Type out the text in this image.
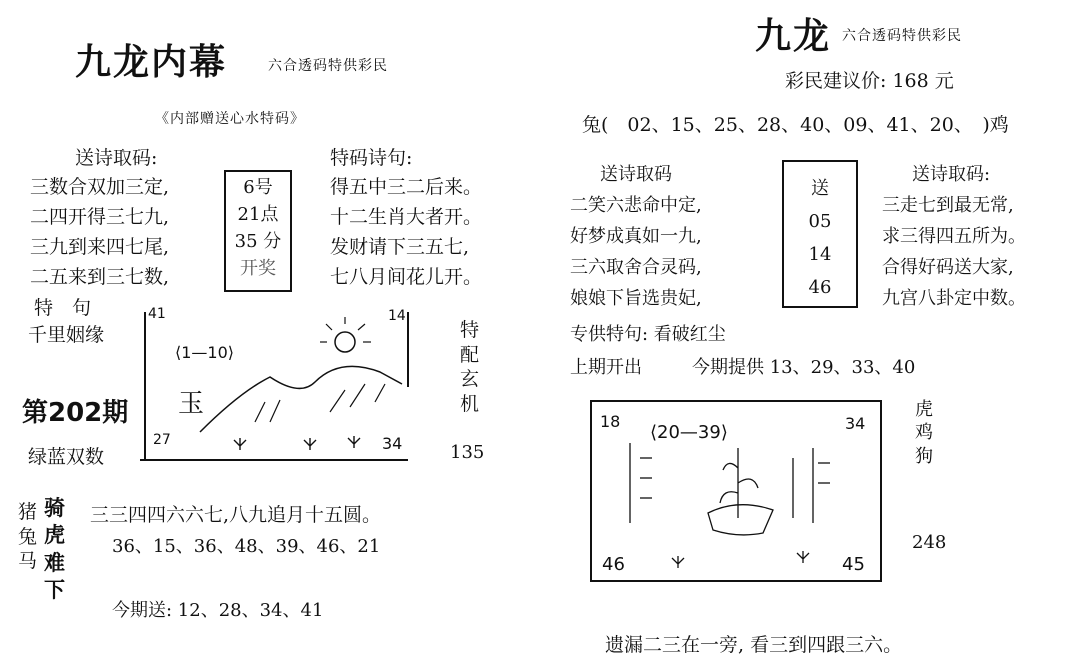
九龙内幕	六合透码特供彩民
《内部赠送心水特码》
送诗取码:
三数合双加三定,
二四开得三七九,
三九到来四七尾,
二五来到三七数,
6号
21点
35 分
开奖
特码诗句:
得五中三二后来。
十二生肖大者开。
发财请下三五七,
七八月间花儿开。
特　句
千里姻缘
第202期
绿蓝双数
41	14
27	34
⟨1—10⟩
玉
特
配
玄
机
135
猪
兔
马
骑
虎
难
下
三三四四六六七,八九追月十五圆。
36、15、36、48、39、46、21
今期送: 12、28、34、41
九龙 六合透码特供彩民
彩民建议价: 168 元
兔(　02、15、25、28、40、09、41、20、　)鸡
送诗取码
二笑六悲命中定,
好梦成真如一九,
三六取舍合灵码,
娘娘下旨选贵妃,
送
05
14
46
送诗取码:
三走七到最无常,
求三得四五所为。
合得好码送大家,
九宫八卦定中数。
专供特句: 看破红尘
上期开出	今期提供 13、29、33、40
18	34
46	45
⟨20—39⟩
虎
鸡
狗
248
遗漏二三在一旁, 看三到四跟三六。
